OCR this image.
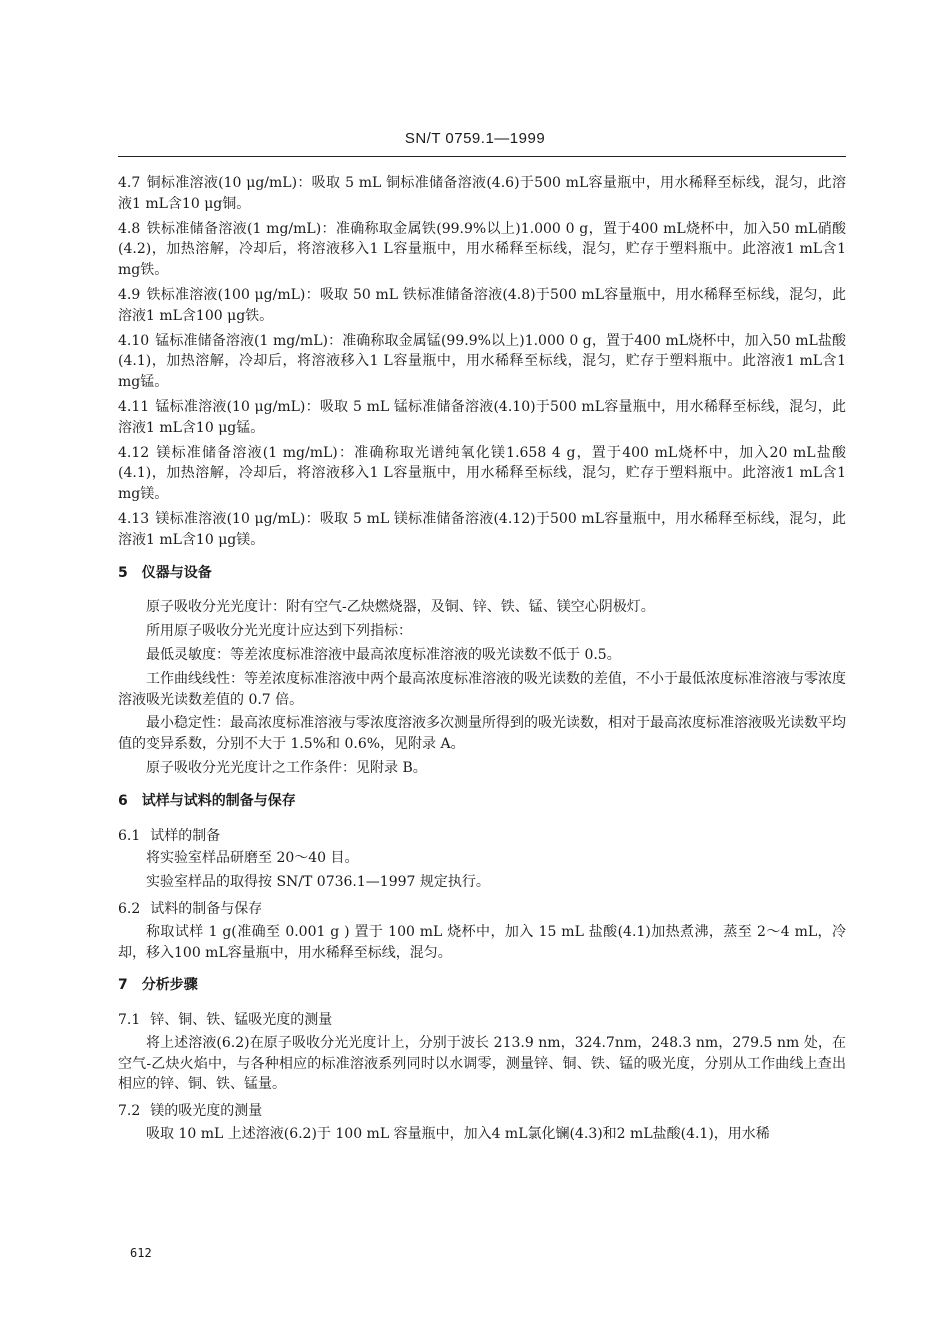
SN/T 0759.1—1999
4.7 铜标准溶液(10 μg/mL)：吸取 5 mL 铜标准储备溶液(4.6)于500 mL容量瓶中，用水稀释至标线，混匀，此溶液1 mL含10 μg铜。
4.8 铁标准储备溶液(1 mg/mL)：准确称取金属铁(99.9%以上)1.000 0 g，置于400 mL烧杯中，加入50 mL硝酸(4.2)，加热溶解，冷却后，将溶液移入1 L容量瓶中，用水稀释至标线，混匀，贮存于塑料瓶中。此溶液1 mL含1 mg铁。
4.9 铁标准溶液(100 μg/mL)：吸取 50 mL 铁标准储备溶液(4.8)于500 mL容量瓶中，用水稀释至标线，混匀，此溶液1 mL含100 μg铁。
4.10 锰标准储备溶液(1 mg/mL)：准确称取金属锰(99.9%以上)1.000 0 g，置于400 mL烧杯中，加入50 mL盐酸(4.1)，加热溶解，冷却后，将溶液移入1 L容量瓶中，用水稀释至标线，混匀，贮存于塑料瓶中。此溶液1 mL含1 mg锰。
4.11 锰标准溶液(10 μg/mL)：吸取 5 mL 锰标准储备溶液(4.10)于500 mL容量瓶中，用水稀释至标线，混匀，此溶液1 mL含10 μg锰。
4.12 镁标准储备溶液(1 mg/mL)：准确称取光谱纯氧化镁1.658 4 g，置于400 mL烧杯中，加入20 mL盐酸(4.1)，加热溶解，冷却后，将溶液移入1 L容量瓶中，用水稀释至标线，混匀，贮存于塑料瓶中。此溶液1 mL含1 mg镁。
4.13 镁标准溶液(10 μg/mL)：吸取 5 mL 镁标准储备溶液(4.12)于500 mL容量瓶中，用水稀释至标线，混匀，此溶液1 mL含10 μg镁。
5 仪器与设备

原子吸收分光光度计：附有空气-乙炔燃烧器，及铜、锌、铁、锰、镁空心阴极灯。

所用原子吸收分光光度计应达到下列指标：

最低灵敏度：等差浓度标准溶液中最高浓度标准溶液的吸光读数不低于 0.5。

工作曲线线性：等差浓度标准溶液中两个最高浓度标准溶液的吸光读数的差值，不小于最低浓度标准溶液与零浓度溶液吸光读数差值的 0.7 倍。

最小稳定性：最高浓度标准溶液与零浓度溶液多次测量所得到的吸光读数，相对于最高浓度标准溶液吸光读数平均值的变异系数，分别不大于 1.5%和 0.6%，见附录 A。

原子吸收分光光度计之工作条件：见附录 B。

6 试样与试料的制备与保存
6.1 试样的制备

将实验室样品研磨至 20～40 目。

实验室样品的取得按 SN/T 0736.1—1997 规定执行。

6.2 试料的制备与保存

称取试样 1 g(准确至 0.001 g ) 置于 100 mL 烧杯中，加入 15 mL 盐酸(4.1)加热煮沸，蒸至 2～4 mL，冷却，移入100 mL容量瓶中，用水稀释至标线，混匀。

7 分析步骤
7.1 锌、铜、铁、锰吸光度的测量

将上述溶液(6.2)在原子吸收分光光度计上，分别于波长 213.9 nm，324.7nm，248.3 nm，279.5 nm 处，在空气-乙炔火焰中，与各种相应的标准溶液系列同时以水调零，测量锌、铜、铁、锰的吸光度，分别从工作曲线上查出相应的锌、铜、铁、锰量。

7.2 镁的吸光度的测量

吸取 10 mL 上述溶液(6.2)于 100 mL 容量瓶中，加入4 mL氯化镧(4.3)和2 mL盐酸(4.1)，用水稀

612
